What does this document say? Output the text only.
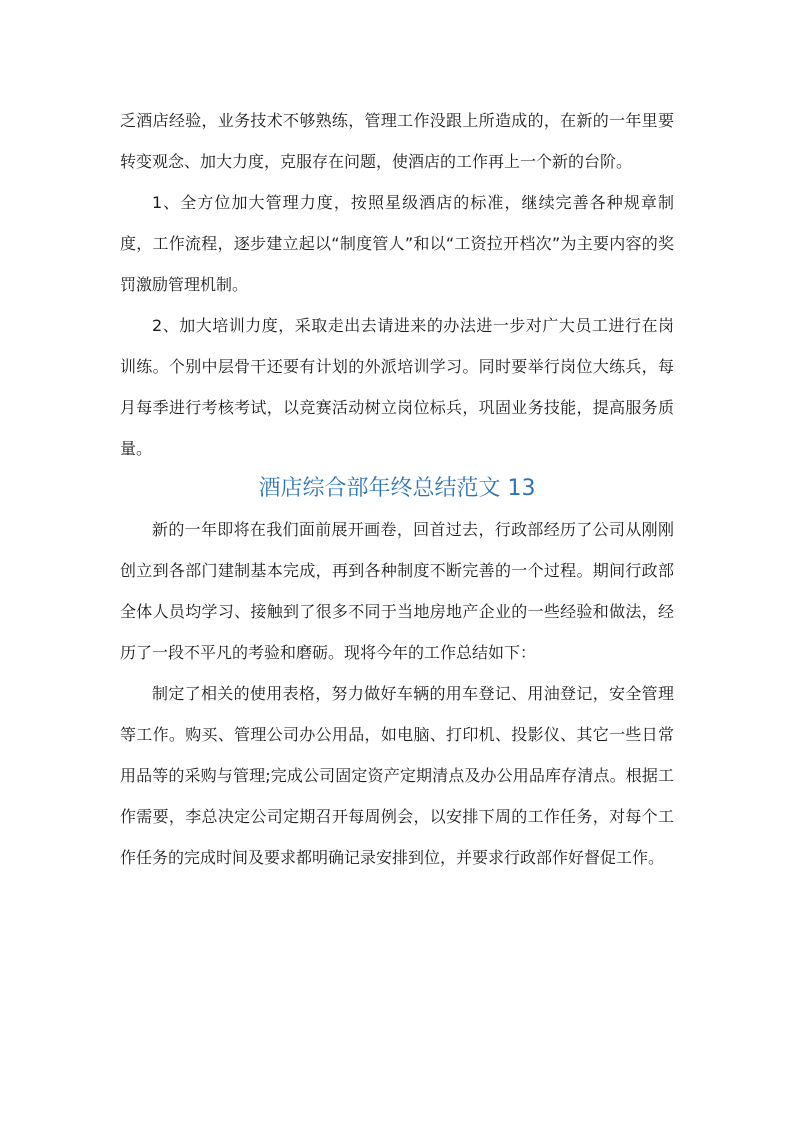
乏酒店经验，业务技术不够熟练，管理工作没跟上所造成的，在新的一年里要转变观念、加大力度，克服存在问题，使酒店的工作再上一个新的台阶。

1、全方位加大管理力度，按照星级酒店的标准，继续完善各种规章制度，工作流程，逐步建立起以“制度管人”和以“工资拉开档次”为主要内容的奖罚激励管理机制。

2、加大培训力度，采取走出去请进来的办法进一步对广大员工进行在岗训练。个别中层骨干还要有计划的外派培训学习。同时要举行岗位大练兵，每月每季进行考核考试，以竞赛活动树立岗位标兵，巩固业务技能，提高服务质量。

酒店综合部年终总结范文 13

新的一年即将在我们面前展开画卷，回首过去，行政部经历了公司从刚刚创立到各部门建制基本完成，再到各种制度不断完善的一个过程。期间行政部全体人员均学习、接触到了很多不同于当地房地产企业的一些经验和做法，经历了一段不平凡的考验和磨砺。现将今年的工作总结如下：

制定了相关的使用表格，努力做好车辆的用车登记、用油登记，安全管理等工作。购买、管理公司办公用品，如电脑、打印机、投影仪、其它一些日常用品等的采购与管理;完成公司固定资产定期清点及办公用品库存清点。根据工作需要，李总决定公司定期召开每周例会，以安排下周的工作任务，对每个工作任务的完成时间及要求都明确记录安排到位，并要求行政部作好督促工作。
